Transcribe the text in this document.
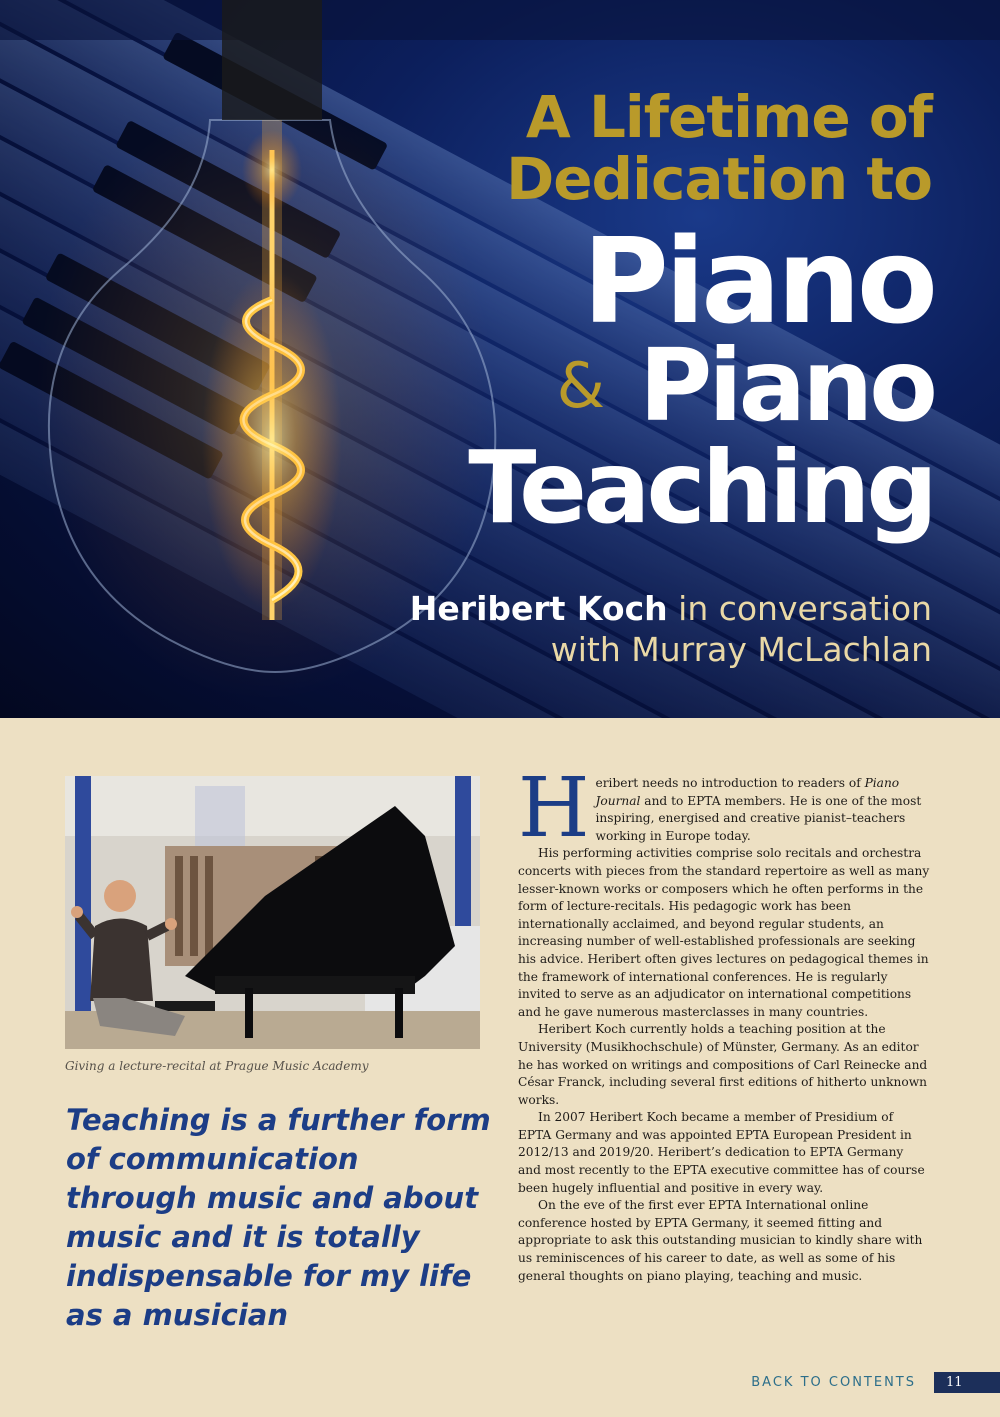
A Lifetime of
Dedication to
Piano
& Piano
Teaching
Heribert Koch in conversation
with Murray McLachlan
Giving a lecture-recital at Prague Music Academy
Teaching is a further form of communication through music and about music and it is totally indispensable for my life as a musician

Heribert needs no introduction to readers of Piano Journal and to EPTA members. He is one of the most inspiring, energised and creative pianist–teachers working in Europe today.

His performing activities comprise solo recitals and orchestra concerts with pieces from the standard repertoire as well as many lesser-known works or composers which he often performs in the form of lecture-recitals. His pedagogic work has been internationally acclaimed, and beyond regular students, an increasing number of well-established professionals are seeking his advice. Heribert often gives lectures on pedagogical themes in the framework of international conferences. He is regularly invited to serve as an adjudicator on international competitions and he gave numerous masterclasses in many countries.

Heribert Koch currently holds a teaching position at the University (Musikhochschule) of Münster, Germany. As an editor he has worked on writings and compositions of Carl Reinecke and César Franck, including several first editions of hitherto unknown works.

In 2007 Heribert Koch became a member of Presidium of EPTA Germany and was appointed EPTA European President in 2012/13 and 2019/20. Heribert’s dedication to EPTA Germany and most recently to the EPTA executive committee has of course been hugely influential and positive in every way.

On the eve of the first ever EPTA International online conference hosted by EPTA Germany, it seemed fitting and appropriate to ask this outstanding musician to kindly share with us reminiscences of his career to date, as well as some of his general thoughts on piano playing, teaching and music.

BACK TO CONTENTS	11
